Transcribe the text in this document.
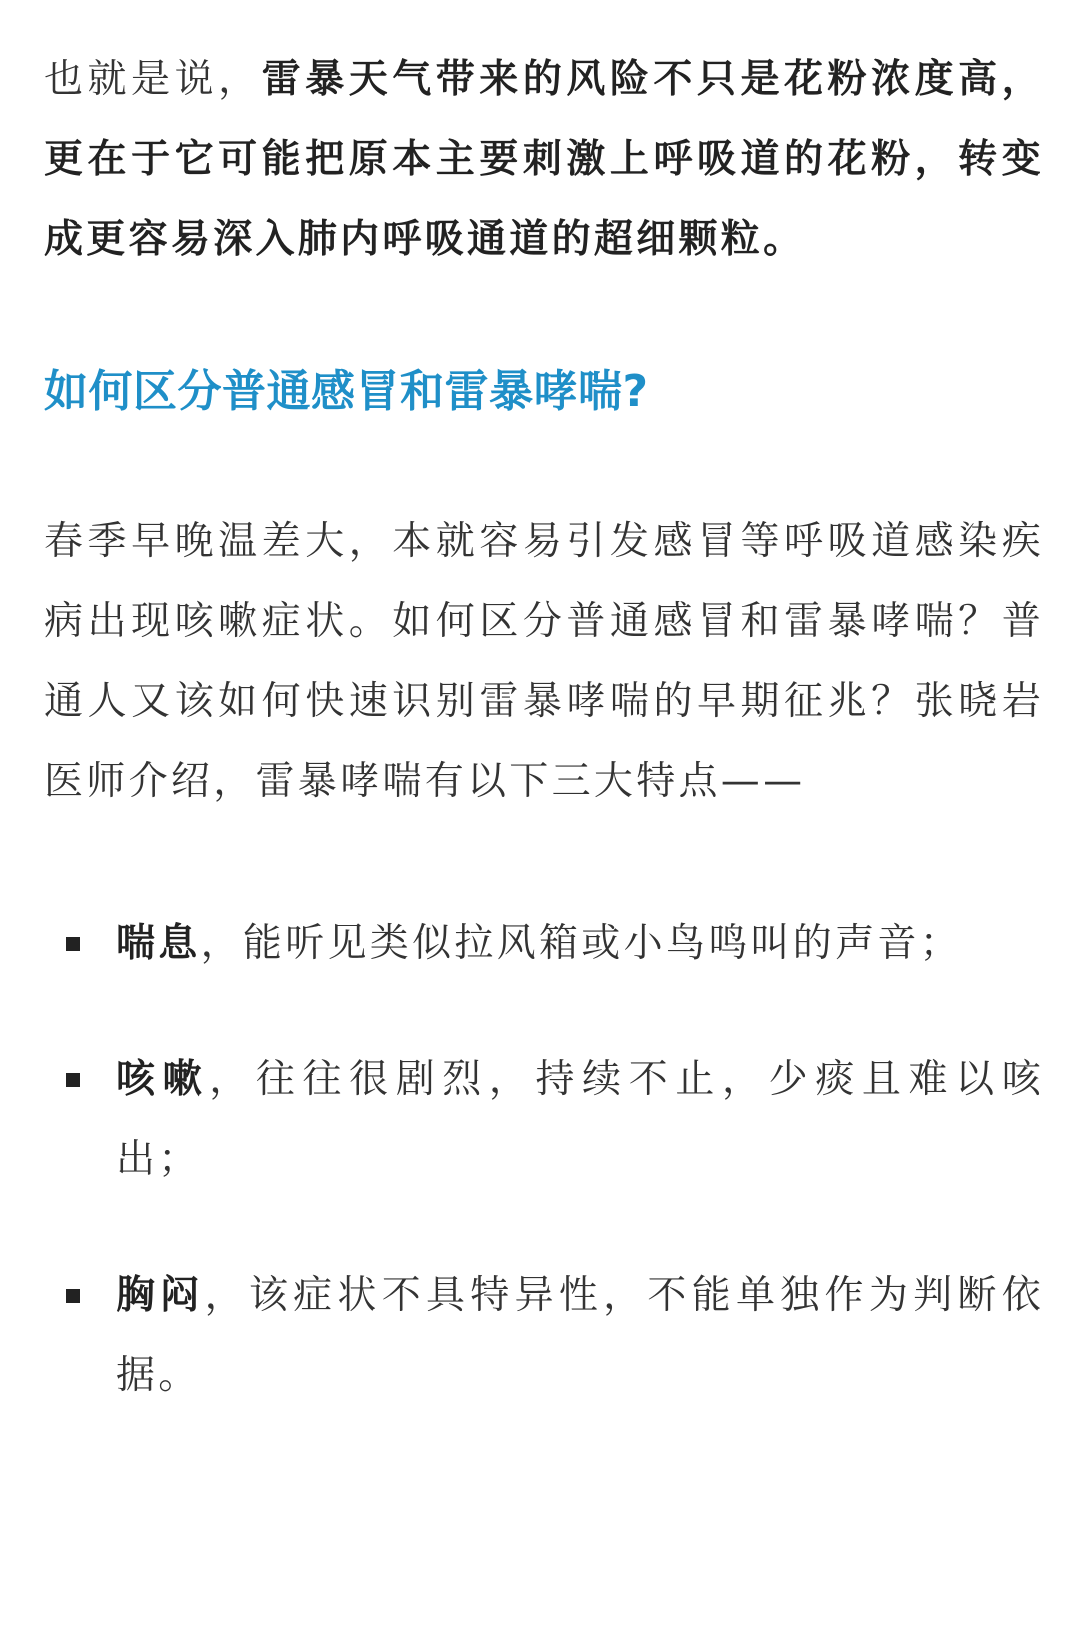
也就是说，雷暴天气带来的风险不只是花粉浓度高，更在于它可能把原本主要刺激上呼吸道的花粉，转变成更容易深入肺内呼吸通道的超细颗粒。

如何区分普通感冒和雷暴哮喘?

春季早晚温差大，本就容易引发感冒等呼吸道感染疾病出现咳嗽症状。如何区分普通感冒和雷暴哮喘？普通人又该如何快速识别雷暴哮喘的早期征兆？张晓岩医师介绍，雷暴哮喘有以下三大特点——

喘息，能听见类似拉风箱或小鸟鸣叫的声音；
咳嗽，往往很剧烈，持续不止，少痰且难以咳出；
胸闷，该症状不具特异性，不能单独作为判断依据。
